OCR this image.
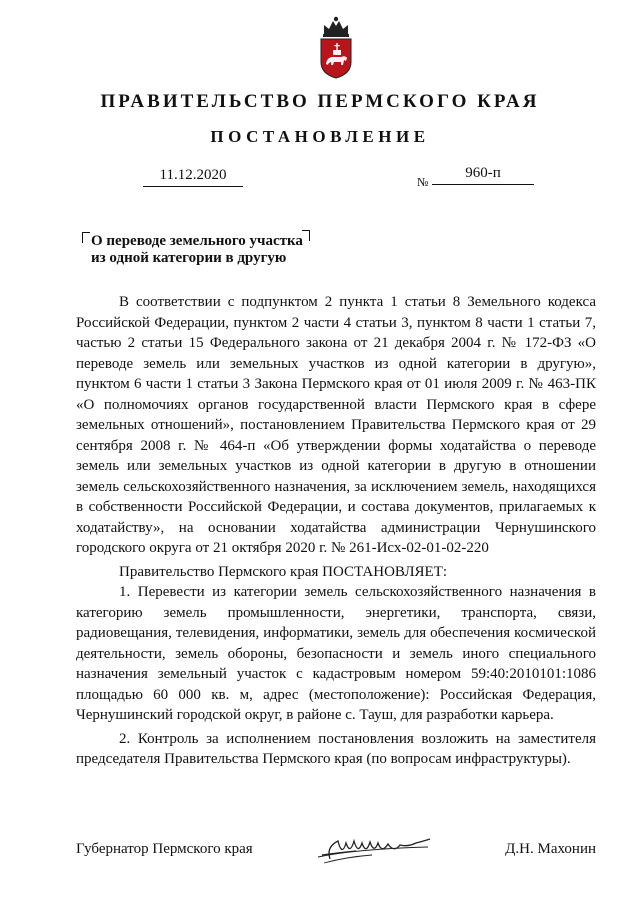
ПРАВИТЕЛЬСТВО ПЕРМСКОГО КРАЯ
ПОСТАНОВЛЕНИЕ
11.12.2020	№
960-п
О переводе земельного участка
из одной категории в другую

В соответствии с подпунктом 2 пункта 1 статьи 8 Земельного кодекса Российской Федерации, пунктом 2 части 4 статьи 3, пунктом 8 части 1 статьи 7, частью 2 статьи 15 Федерального закона от 21 декабря 2004 г. № 172-ФЗ «О переводе земель или земельных участков из одной категории в другую», пунктом 6 части 1 статьи 3 Закона Пермского края от 01 июля 2009 г. № 463-ПК «О полномочиях органов государственной власти Пермского края в сфере земельных отношений», постановлением Правительства Пермского края от 29 сентября 2008 г. № 464-п «Об утверждении формы ходатайства о переводе земель или земельных участков из одной категории в другую в отношении земель сельскохозяйственного назначения, за исключением земель, находящихся в собственности Российской Федерации, и состава документов, прилагаемых к ходатайству», на основании ходатайства администрации Чернушинского городского округа от 21 октября 2020 г. № 261-Исх-02-01-02-220

Правительство Пермского края ПОСТАНОВЛЯЕТ:

1. Перевести из категории земель сельскохозяйственного назначения в категорию земель промышленности, энергетики, транспорта, связи, радиовещания, телевидения, информатики, земель для обеспечения космической деятельности, земель обороны, безопасности и земель иного специального назначения земельный участок с кадастровым номером 59:40:2010101:1086 площадью 60 000 кв. м, адрес (местоположение): Российская Федерация, Чернушинский городской округ, в районе с. Тауш, для разработки карьера.

2. Контроль за исполнением постановления возложить на заместителя председателя Правительства Пермского края (по вопросам инфраструктуры).

Губернатор Пермского края	Д.Н. Махонин
